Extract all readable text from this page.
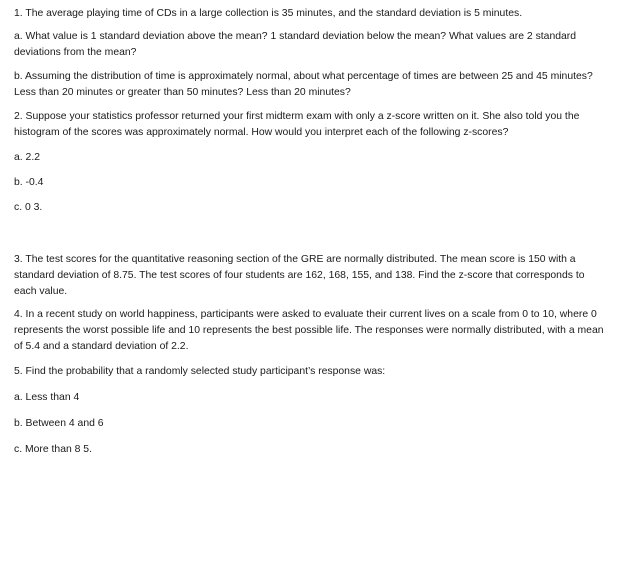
1. The average playing time of CDs in a large collection is 35 minutes, and the standard deviation is 5 minutes.

a. What value is 1 standard deviation above the mean? 1 standard deviation below the mean? What values are 2 standard deviations from the mean?

b. Assuming the distribution of time is approximately normal, about what percentage of times are between 25 and 45 minutes? Less than 20 minutes or greater than 50 minutes? Less than 20 minutes?

2. Suppose your statistics professor returned your first midterm exam with only a z-score written on it. She also told you the histogram of the scores was approximately normal. How would you interpret each of the following z-scores?

a. 2.2

b. -0.4

c. 0 3.

3. The test scores for the quantitative reasoning section of the GRE are normally distributed. The mean score is 150 with a standard deviation of 8.75. The test scores of four students are 162, 168, 155, and 138. Find the z-score that corresponds to each value.

4. In a recent study on world happiness, participants were asked to evaluate their current lives on a scale from 0 to 10, where 0 represents the worst possible life and 10 represents the best possible life. The responses were normally distributed, with a mean of 5.4 and a standard deviation of 2.2.

5. Find the probability that a randomly selected study participant’s response was:

a. Less than 4

b. Between 4 and 6

c. More than 8 5.
